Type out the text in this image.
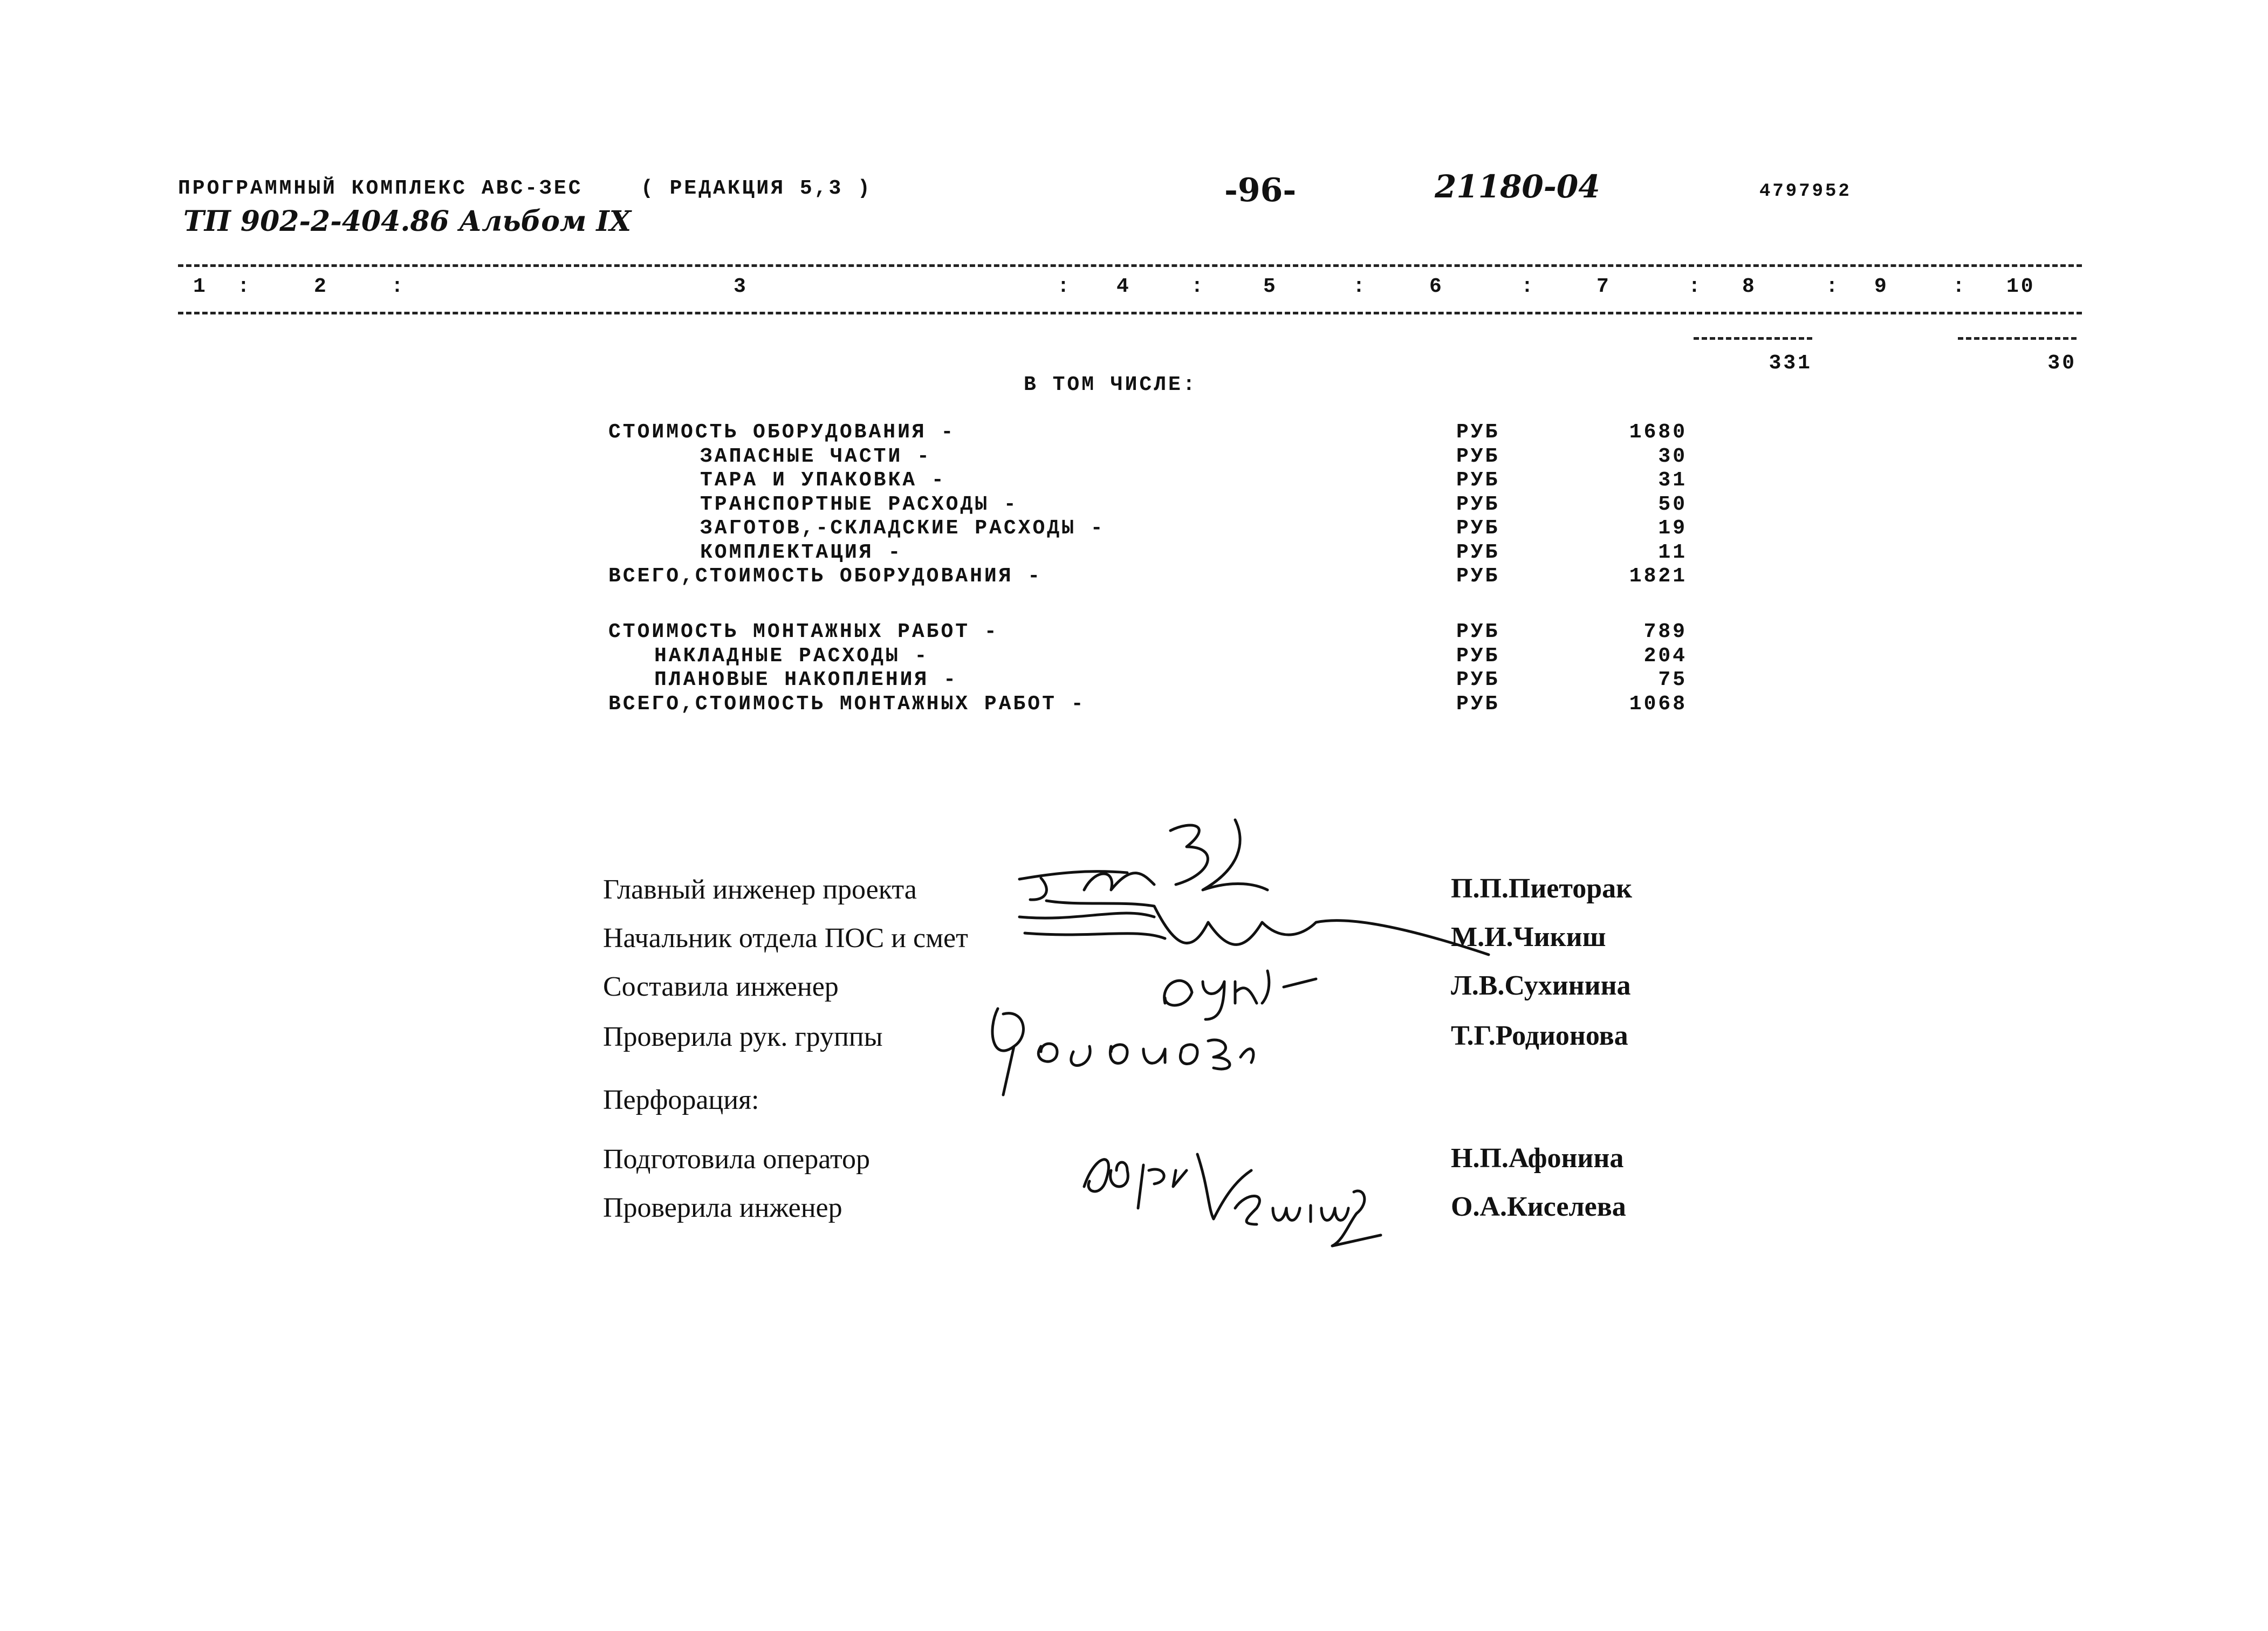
ПРОГРАММНЫЙ КОМПЛЕКС АВС-ЗЕС	( РЕДАКЦИЯ 5,3 )	-96-	21180-04	4797952
ТП 902-2-404.86 Альбом IX
1 :	2	:	3	: 4	:	5	:	6	:	7	: 8	: 9	: 10
331	30
В ТОМ ЧИСЛЕ:
СТОИМОСТЬ ОБОРУДОВАНИЯ -	РУБ	1680
ЗАПАСНЫЕ ЧАСТИ -	РУБ	30
ТАРА И УПАКОВКА -	РУБ	31
ТРАНСПОРТНЫЕ РАСХОДЫ -	РУБ	50
ЗАГОТОВ,-СКЛАДСКИЕ РАСХОДЫ -	РУБ	19
КОМПЛЕКТАЦИЯ -	РУБ	11
ВСЕГО,СТОИМОСТЬ ОБОРУДОВАНИЯ -	РУБ	1821
СТОИМОСТЬ МОНТАЖНЫХ РАБОТ -	РУБ	789
НАКЛАДНЫЕ РАСХОДЫ -	РУБ	204
ПЛАНОВЫЕ НАКОПЛЕНИЯ -	РУБ	75
ВСЕГО,СТОИМОСТЬ МОНТАЖНЫХ РАБОТ -	РУБ	1068
Главный инженер проекта	П.П.Пиеторак
Начальник отдела ПОС и смет	М.И.Чикиш
Составила инженер	Л.В.Сухинина
Проверила рук. группы	Т.Г.Родионова
Перфорация:
Подготовила оператор	Н.П.Афонина
Проверила инженер	О.А.Киселева
